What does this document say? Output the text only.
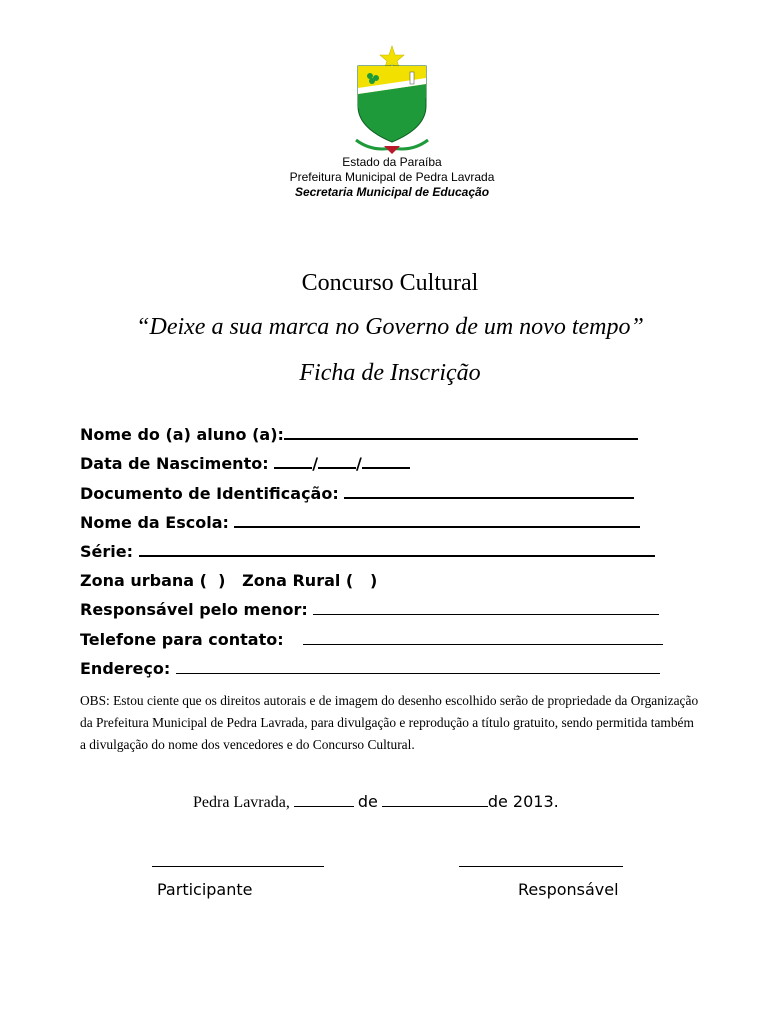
Estado da Paraíba
Prefeitura Municipal de Pedra Lavrada
Secretaria Municipal de Educação
Concurso Cultural
“Deixe a sua marca no Governo de um novo tempo”
Ficha de Inscrição
Nome do (a) aluno (a):
Data de Nascimento:	/ /
Documento de Identificação:
Nome da Escola:
Série:
Zona urbana ( ) Zona Rural ( )
Responsável pelo menor:
Telefone para contato:
Endereço:
OBS: Estou ciente que os direitos autorais e de imagem do desenho escolhido serão de propriedade da Organização da Prefeitura Municipal de Pedra Lavrada, para divulgação e reprodução a título gratuito, sendo permitida também a divulgação do nome dos vencedores e do Concurso Cultural.
Pedra Lavrada,	de	de 2013.
Participante	Responsável
